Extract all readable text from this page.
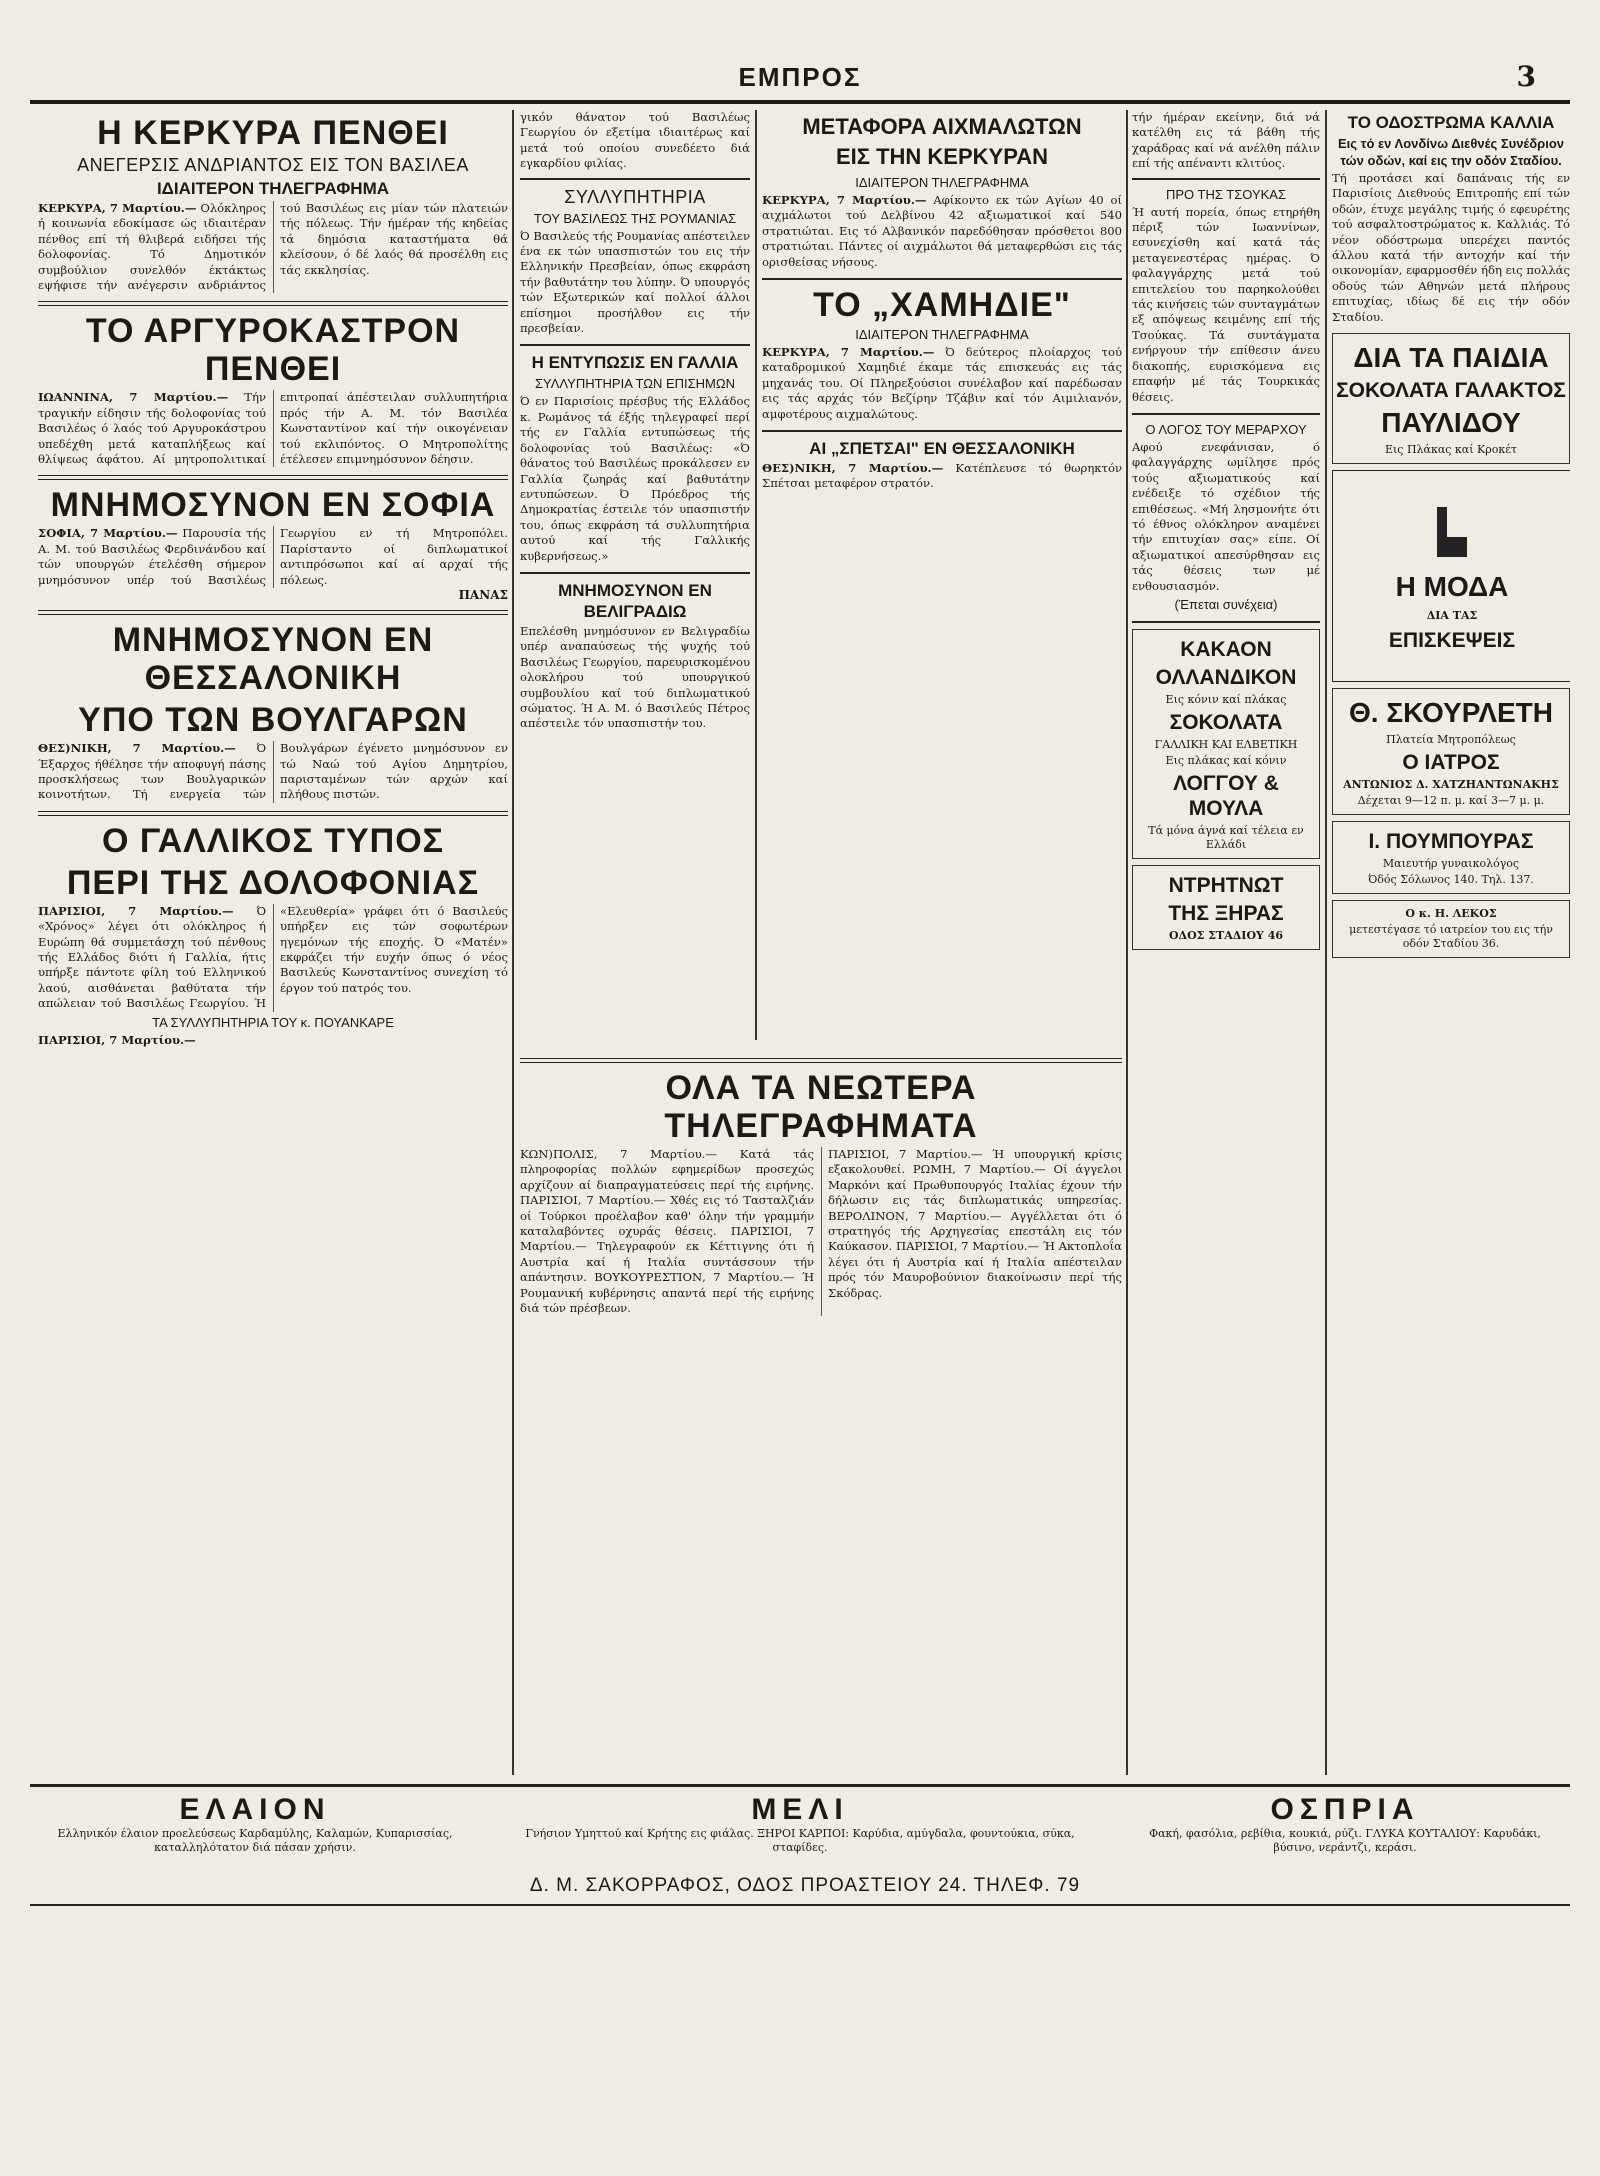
ΕΜΠΡΟΣ	3
Η ΚΕΡΚΥΡΑ ΠΕΝΘΕΙ
ΑΝΕΓΕΡΣΙΣ ΑΝΔΡΙΑΝΤΟΣ ΕΙΣ ΤΟΝ ΒΑΣΙΛΕΑ
ΙΔΙΑΙΤΕΡΟΝ ΤΗΛΕΓΡΑΦΗΜΑ

ΚΕΡΚΥΡΑ, 7 Μαρτίου.— Ολόκληρος ή κοινωνία εδοκίμασε ώς ιδιαιτέραν πένθος επί τή θλιβερά ειδήσει τής δολοφονίας. Τό Δημοτικόν συμβούλιον συνελθόν έκτάκτως εψήφισε τήν ανέγερσιν ανδριάντος τού Βασιλέως εις μίαν τών πλατειών τής πόλεως. Τήν ήμέραν τής κηδείας τά δημόσια καταστήματα θά κλείσουν, ό δέ λαός θά προσέλθη εις τάς εκκλησίας.

ΤΟ ΑΡΓΥΡΟΚΑΣΤΡΟΝ ΠΕΝΘΕΙ

ΙΩΑΝΝΙΝΑ, 7 Μαρτίου.— Τήν τραγικήν είδησιν τής δολοφονίας τού Βασιλέως ό λαός τού Αργυροκάστρου υπεδέχθη μετά καταπλήξεως καί θλίψεως άφάτου. Αί μητροπολιτικαί επιτροπαί άπέστειλαν συλλυπητήρια πρός τήν Α. Μ. τόν Βασιλέα Κωνσταντίνον καί τήν οικογένειαν τού εκλιπόντος. Ο Μητροπολίτης έτέλεσεν επιμνημόσυνον δέησιν.

ΜΝΗΜΟΣΥΝΟΝ ΕΝ ΣΟΦΙΑ

ΣΟΦΙΑ, 7 Μαρτίου.— Παρουσία τής Α. Μ. τού Βασιλέως Φερδινάνδου καί τών υπουργών έτελέσθη σήμερον μνημόσυνον υπέρ τού Βασιλέως Γεωργίου εν τή Μητροπόλει. Παρίσταντο οί διπλωματικοί αντιπρόσωποι καί αί αρχαί τής πόλεως.

ΠΑΝΑΣ
ΜΝΗΜΟΣΥΝΟΝ ΕΝ ΘΕΣΣΑΛΟΝΙΚΗ
ΥΠΟ ΤΩΝ ΒΟΥΛΓΑΡΩΝ

ΘΕΣ)ΝΙΚΗ, 7 Μαρτίου.— Ό Έξαρχος ήθέλησε τήν αποφυγή πάσης προσκλήσεως των Βουλγαρικών κοινοτήτων. Τή ενεργεία τών Βουλγάρων έγένετο μνημόσυνον εν τώ Ναώ τού Αγίου Δημητρίου, παρισταμένων τών αρχών καί πλήθους πιστών.

Ο ΓΑΛΛΙΚΟΣ ΤΥΠΟΣ
ΠΕΡΙ ΤΗΣ ΔΟΛΟΦΟΝΙΑΣ

ΠΑΡΙΣΙΟΙ, 7 Μαρτίου.— Ό «Χρόνος» λέγει ότι ολόκληρος ή Ευρώπη θά συμμετάσχη τού πένθους τής Ελλάδος διότι ή Γαλλία, ήτις υπήρξε πάντοτε φίλη τού Ελληνικού λαού, αισθάνεται βαθύτατα τήν απώλειαν τού Βασιλέως Γεωργίου. Ή «Ελευθερία» γράφει ότι ό Βασιλεύς υπήρξεν εις τών σοφωτέρων ηγεμόνων τής εποχής. Ό «Ματέν» εκφράζει τήν ευχήν όπως ό νέος Βασιλεύς Κωνσταντίνος συνεχίση τό έργον τού πατρός του.

ΤΑ ΣΥΛΛΥΠΗΤΗΡΙΑ ΤΟΥ κ. ΠΟΥΑΝΚΑΡΕ
ΠΑΡΙΣΙΟΙ, 7 Μαρτίου.—

γικόν θάνατον τού Βασιλέως Γεωργίου όν εξετίμα ιδιαιτέρως καί μετά τού οποίου συνεδέετο διά εγκαρδίου φιλίας.

ΣΥΛΛΥΠΗΤΗΡΙΑ
ΤΟΥ ΒΑΣΙΛΕΩΣ ΤΗΣ ΡΟΥΜΑΝΙΑΣ

Ό Βασιλεύς τής Ρουμανίας απέστειλεν ένα εκ τών υπασπιστών του εις τήν Ελληνικήν Πρεσβείαν, όπως εκφράση τήν βαθυτάτην του λύπην. Ό υπουργός τών Εξωτερικών καί πολλοί άλλοι επίσημοι προσήλθον εις τήν πρεσβείαν.

Η ΕΝΤΥΠΩΣΙΣ ΕΝ ΓΑΛΛΙΑ
ΣΥΛΛΥΠΗΤΗΡΙΑ ΤΩΝ ΕΠΙΣΗΜΩΝ

Ό εν Παρισίοις πρέσβυς τής Ελλάδος κ. Ρωμάνος τά έξής τηλεγραφεί περί τής εν Γαλλία εντυπώσεως τής δολοφονίας τού Βασιλέως: «Ό θάνατος τού Βασιλέως προκάλεσεν εν Γαλλία ζωηράς καί βαθυτάτην εντυπώσεων. Ό Πρόεδρος τής Δημοκρατίας έστειλε τόν υπασπιστήν του, όπως εκφράση τά συλλυπητήρια αυτού καί τής Γαλλικής κυβερνήσεως.»

ΜΝΗΜΟΣΥΝΟΝ ΕΝ ΒΕΛΙΓΡΑΔΙΩ

Επελέσθη μνημόσυνον εν Βελιγραδίω υπέρ αναπαύσεως τής ψυχής τού Βασιλέως Γεωργίου, παρευρισκομένου ολοκλήρου τού υπουργικού συμβουλίου καί τού διπλωματικού σώματος. Ή Α. Μ. ό Βασιλεύς Πέτρος απέστειλε τόν υπασπιστήν του.

ΜΕΤΑΦΟΡΑ ΑΙΧΜΑΛΩΤΩΝ
ΕΙΣ ΤΗΝ ΚΕΡΚΥΡΑΝ
ΙΔΙΑΙΤΕΡΟΝ ΤΗΛΕΓΡΑΦΗΜΑ

ΚΕΡΚΥΡΑ, 7 Μαρτίου.— Αφίκοντο εκ τών Αγίων 40 οί αιχμάλωτοι τού Δελβίνου 42 αξιωματικοί καί 540 στρατιώται. Εις τό Αλβανικόν παρεδόθησαν πρόσθετοι 800 στρατιώται. Πάντες οί αιχμάλωτοι θά μεταφερθώσι εις τάς ορισθείσας νήσους.

ΤΟ „ΧΑΜΗΔΙΕ"
ΙΔΙΑΙΤΕΡΟΝ ΤΗΛΕΓΡΑΦΗΜΑ

ΚΕΡΚΥΡΑ, 7 Μαρτίου.— Ό δεύτερος πλοίαρχος τού καταδρομικού Χαμηδιέ έκαμε τάς επισκευάς εις τάς μηχανάς του. Οί Πληρεξούσιοι συνέλαβον καί παρέδωσαν εις τάς αρχάς τόν Βεζίρην Τζάβιν καί τόν Αιμιλιανόν, αμφοτέρους αιχμαλώτους.

ΑΙ „ΣΠΕΤΣΑΙ" ΕΝ ΘΕΣΣΑΛΟΝΙΚΗ

ΘΕΣ)ΝΙΚΗ, 7 Μαρτίου.— Κατέπλευσε τό θωρηκτόν Σπέτσαι μεταφέρον στρατόν.

ΟΛΑ ΤΑ ΝΕΩΤΕΡΑ ΤΗΛΕΓΡΑΦΗΜΑΤΑ

ΚΩΝ)ΠΟΛΙΣ, 7 Μαρτίου.— Κατά τάς πληροφορίας πολλών εφημερίδων προσεχώς αρχίζουν αί διαπραγματεύσεις περί τής ειρήνης. ΠΑΡΙΣΙΟΙ, 7 Μαρτίου.— Χθές εις τό Τασταλζιάν οί Τούρκοι προέλαβον καθ' όλην τήν γραμμήν καταλαβόντες οχυράς θέσεις. ΠΑΡΙΣΙΟΙ, 7 Μαρτίου.— Τηλεγραφούν εκ Κέττιγνης ότι ή Αυστρία καί ή Ιταλία συντάσσουν τήν απάντησιν. ΒΟΥΚΟΥΡΕΣΤΙΟΝ, 7 Μαρτίου.— Ή Ρουμανική κυβέρνησις απαντά περί τής ειρήνης διά τών πρέσβεων.

ΠΑΡΙΣΙΟΙ, 7 Μαρτίου.— Ή υπουργική κρίσις εξακολουθεί. ΡΩΜΗ, 7 Μαρτίου.— Οί άγγελοι Μαρκόνι καί Πρωθυπουργός Ιταλίας έχουν τήν δήλωσιν εις τάς διπλωματικάς υπηρεσίας. ΒΕΡΟΛΙΝΟΝ, 7 Μαρτίου.— Αγγέλλεται ότι ό στρατηγός τής Αρχηγεσίας επεστάλη εις τόν Καύκασον. ΠΑΡΙΣΙΟΙ, 7 Μαρτίου.— Ή Ακτοπλοΐα λέγει ότι ή Αυστρία καί ή Ιταλία απέστειλαν πρός τόν Μαυροβούνιον διακοίνωσιν περί τής Σκόδρας.

τήν ήμέραν εκείνην, διά νά κατέλθη εις τά βάθη τής χαράδρας καί νά ανέλθη πάλιν επί τής απέναντι κλιτύος.

ΠΡΟ ΤΗΣ ΤΣΟΥΚΑΣ

Ή αυτή πορεία, όπως ετηρήθη πέριξ τών Ιωαννίνων, εσυνεχίσθη καί κατά τάς μεταγενεστέρας ημέρας. Ό φαλαγγάρχης μετά τού επιτελείου του παρηκολούθει τάς κινήσεις τών συνταγμάτων εξ απόψεως κειμένης επί τής Τσούκας. Τά συντάγματα ενήργουν τήν επίθεσιν άνευ διακοπής, ευρισκόμενα εις επαφήν μέ τάς Τουρκικάς θέσεις.

Ο ΛΟΓΟΣ ΤΟΥ ΜΕΡΑΡΧΟΥ

Αφού ενεφάνισαν, ό φαλαγγάρχης ωμίλησε πρός τούς αξιωματικούς καί ενέδειξε τό σχέδιον τής επιθέσεως. «Μή λησμονήτε ότι τό έθνος ολόκληρον αναμένει τήν επιτυχίαν σας» είπε. Οί αξιωματικοί απεσύρθησαν εις τάς θέσεις των μέ ενθουσιασμόν.

(Έπεται συνέχεια)
ΚΑΚΑΟΝ
ΟΛΛΑΝΔΙΚΟΝ
Εις κόνιν καί πλάκας
ΣΟΚΟΛΑΤΑ
ΓΑΛΛΙΚΗ ΚΑΙ ΕΛΒΕΤΙΚΗ
Εις πλάκας καί κόνιν
ΛΟΓΓΟΥ & ΜΟΥΛΑ
Τά μόνα άγνά καί τέλεια εν Ελλάδι
ΝΤΡΗΤΝΩΤ
ΤΗΣ ΞΗΡΑΣ
ΟΔΟΣ ΣΤΑΔΙΟΥ 46
ΤΟ ΟΔΟΣΤΡΩΜΑ ΚΑΛΛΙΑ
Εις τό εν Λονδίνω Διεθνές Συνέδριον τών οδών, καί εις την οδόν Σταδίου.

Τή προτάσει καί δαπάναις τής εν Παρισίοις Διεθνούς Επιτροπής επί τών οδών, έτυχε μεγάλης τιμής ό εφευρέτης τού ασφαλτοστρώματος κ. Καλλιάς. Τό νέον οδόστρωμα υπερέχει παντός άλλου κατά τήν αντοχήν καί τήν οικονομίαν, εφαρμοσθέν ήδη εις πολλάς οδούς τών Αθηνών μετά πλήρους επιτυχίας, ιδίως δέ εις τήν οδόν Σταδίου.

ΔΙΑ ΤΑ ΠΑΙΔΙΑ
ΣΟΚΟΛΑΤΑ ΓΑΛΑΚΤΟΣ
ΠΑΥΛΙΔΟΥ
Εις Πλάκας καί Κροκέτ
Η ΜΟΔΑ
ΔΙΑ ΤΑΣ
ΕΠΙΣΚΕΨΕΙΣ
Θ. ΣΚΟΥΡΛΕΤΗ
Πλατεία Μητροπόλεως
Ο ΙΑΤΡΟΣ
ΑΝΤΩΝΙΟΣ Δ. ΧΑΤΖΗΑΝΤΩΝΑΚΗΣ
Δέχεται 9—12 π. μ. καί 3—7 μ. μ.
Ι. ΠΟΥΜΠΟΥΡΑΣ
Μαιευτήρ γυναικολόγος
Όδός Σόλωνος 140. Τηλ. 137.
Ο κ. Η. ΛΕΚΟΣ
μετεστέγασε τό ιατρείον του εις τήν οδόν Σταδίου 36.
ΕΛΑΙΟΝ
Ελληνικόν έλαιον προελεύσεως Καρδαμύλης, Καλαμών, Κυπαρισσίας, καταλληλότατον διά πάσαν χρήσιν.
ΜΕΛΙ
Γνήσιον Υμηττού καί Κρήτης εις φιάλας. ΞΗΡΟΙ ΚΑΡΠΟΙ: Καρύδια, αμύγδαλα, φουντούκια, σύκα, σταφίδες.
ΟΣΠΡΙΑ
Φακή, φασόλια, ρεβίθια, κουκιά, ρύζι. ΓΛΥΚΑ ΚΟΥΤΑΛΙΟΥ: Καρυδάκι, βύσινο, νεράντζι, κεράσι.
Δ. Μ. ΣΑΚΟΡΡΑΦΟΣ, ΟΔΟΣ ΠΡΟΑΣΤΕΙΟΥ 24. ΤΗΛΕΦ. 79
